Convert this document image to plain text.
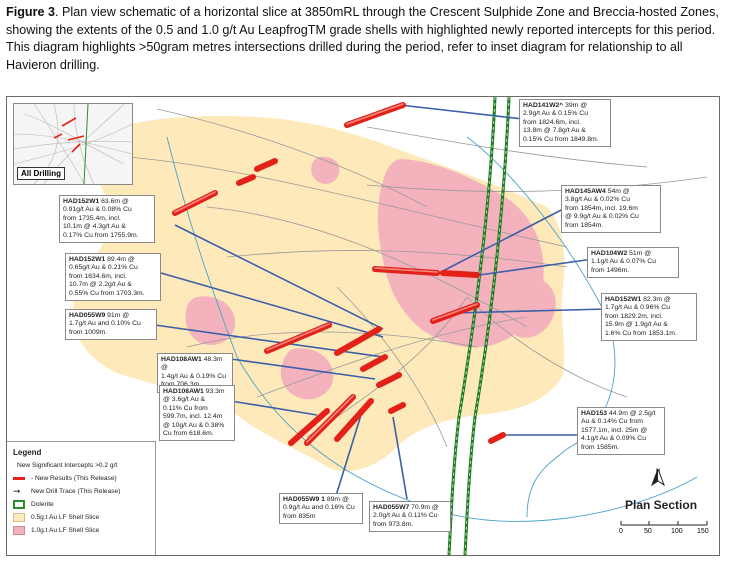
Figure 3. Plan view schematic of a horizontal slice at 3850mRL through the Crescent Sulphide Zone and Breccia-hosted Zones, showing the extents of the 0.5 and 1.0 g/t Au LeapfrogTM grade shells with highlighted newly reported intercepts for this period. This diagram highlights >50gram metres intersections drilled during the period, refer to inset diagram for relationship to all Havieron drilling.
All Drilling
HAD141W2^ 39m @
2.9g/t Au & 0.15% Cu
from 1824.6m, incl.
13.8m @ 7.8g/t Au &
0.15% Cu from 1849.8m.
HAD152W1 63.6m @
0.91g/t Au & 0.08% Cu
from 1735.4m, incl.
10.1m @ 4.3g/t Au &
0.17% Cu from 1755.9m.
HAD145AW4 54m @
3.8g/t Au & 0.02% Cu
from 1854m, incl. 19.6m
@ 9.9g/t Au & 0.02% Cu
from 1854m.
HAD104W2 51m @
1.1g/t Au & 0.07% Cu
from 1496m.
HAD152W1 89.4m @
0.65g/t Au & 0.21% Cu
from 1634.6m, incl.
10.7m @ 2.2g/t Au &
0.55% Cu from 1703.3m.
HAD152W1 82.3m @
1.7g/t Au & 0.96% Cu
from 1829.2m, incl.
15.9m @ 1.9g/t Au &
1.6% Cu from 1853.1m.
HAD055W9 91m @
1.7g/t Au and 0.10% Cu
from 1009m.
HAD108AW1 48.3m @
1.4g/t Au & 0.19% Cu
HAD108AW1 93.3m
@ 3.6g/t Au &
0.11% Cu from
599.7m, incl. 12.4m
@ 10g/t Au & 0.38%
Cu from 618.6m.
HAD153 44.9m @ 2.5g/t
Au & 0.14% Cu from
1577.1m, incl. 25m @
4.1g/t Au & 0.09% Cu
from 1585m.
HAD055W9 1 89m @
0.9g/t Au and 0.16% Cu
from 835m
HAD055W7 70.9m @
2.0g/t Au & 0.11% Cu
from 973.8m.
Legend
New Significant Intercepts >0.2 g/t
- New Results (This Release)
➞	New Drill Trace (This Release)
Dolerite
0.5g.t Au LF Shell Slice
1.0g.t Au LF Shell Slice
Plan Section
0	50	100 150
